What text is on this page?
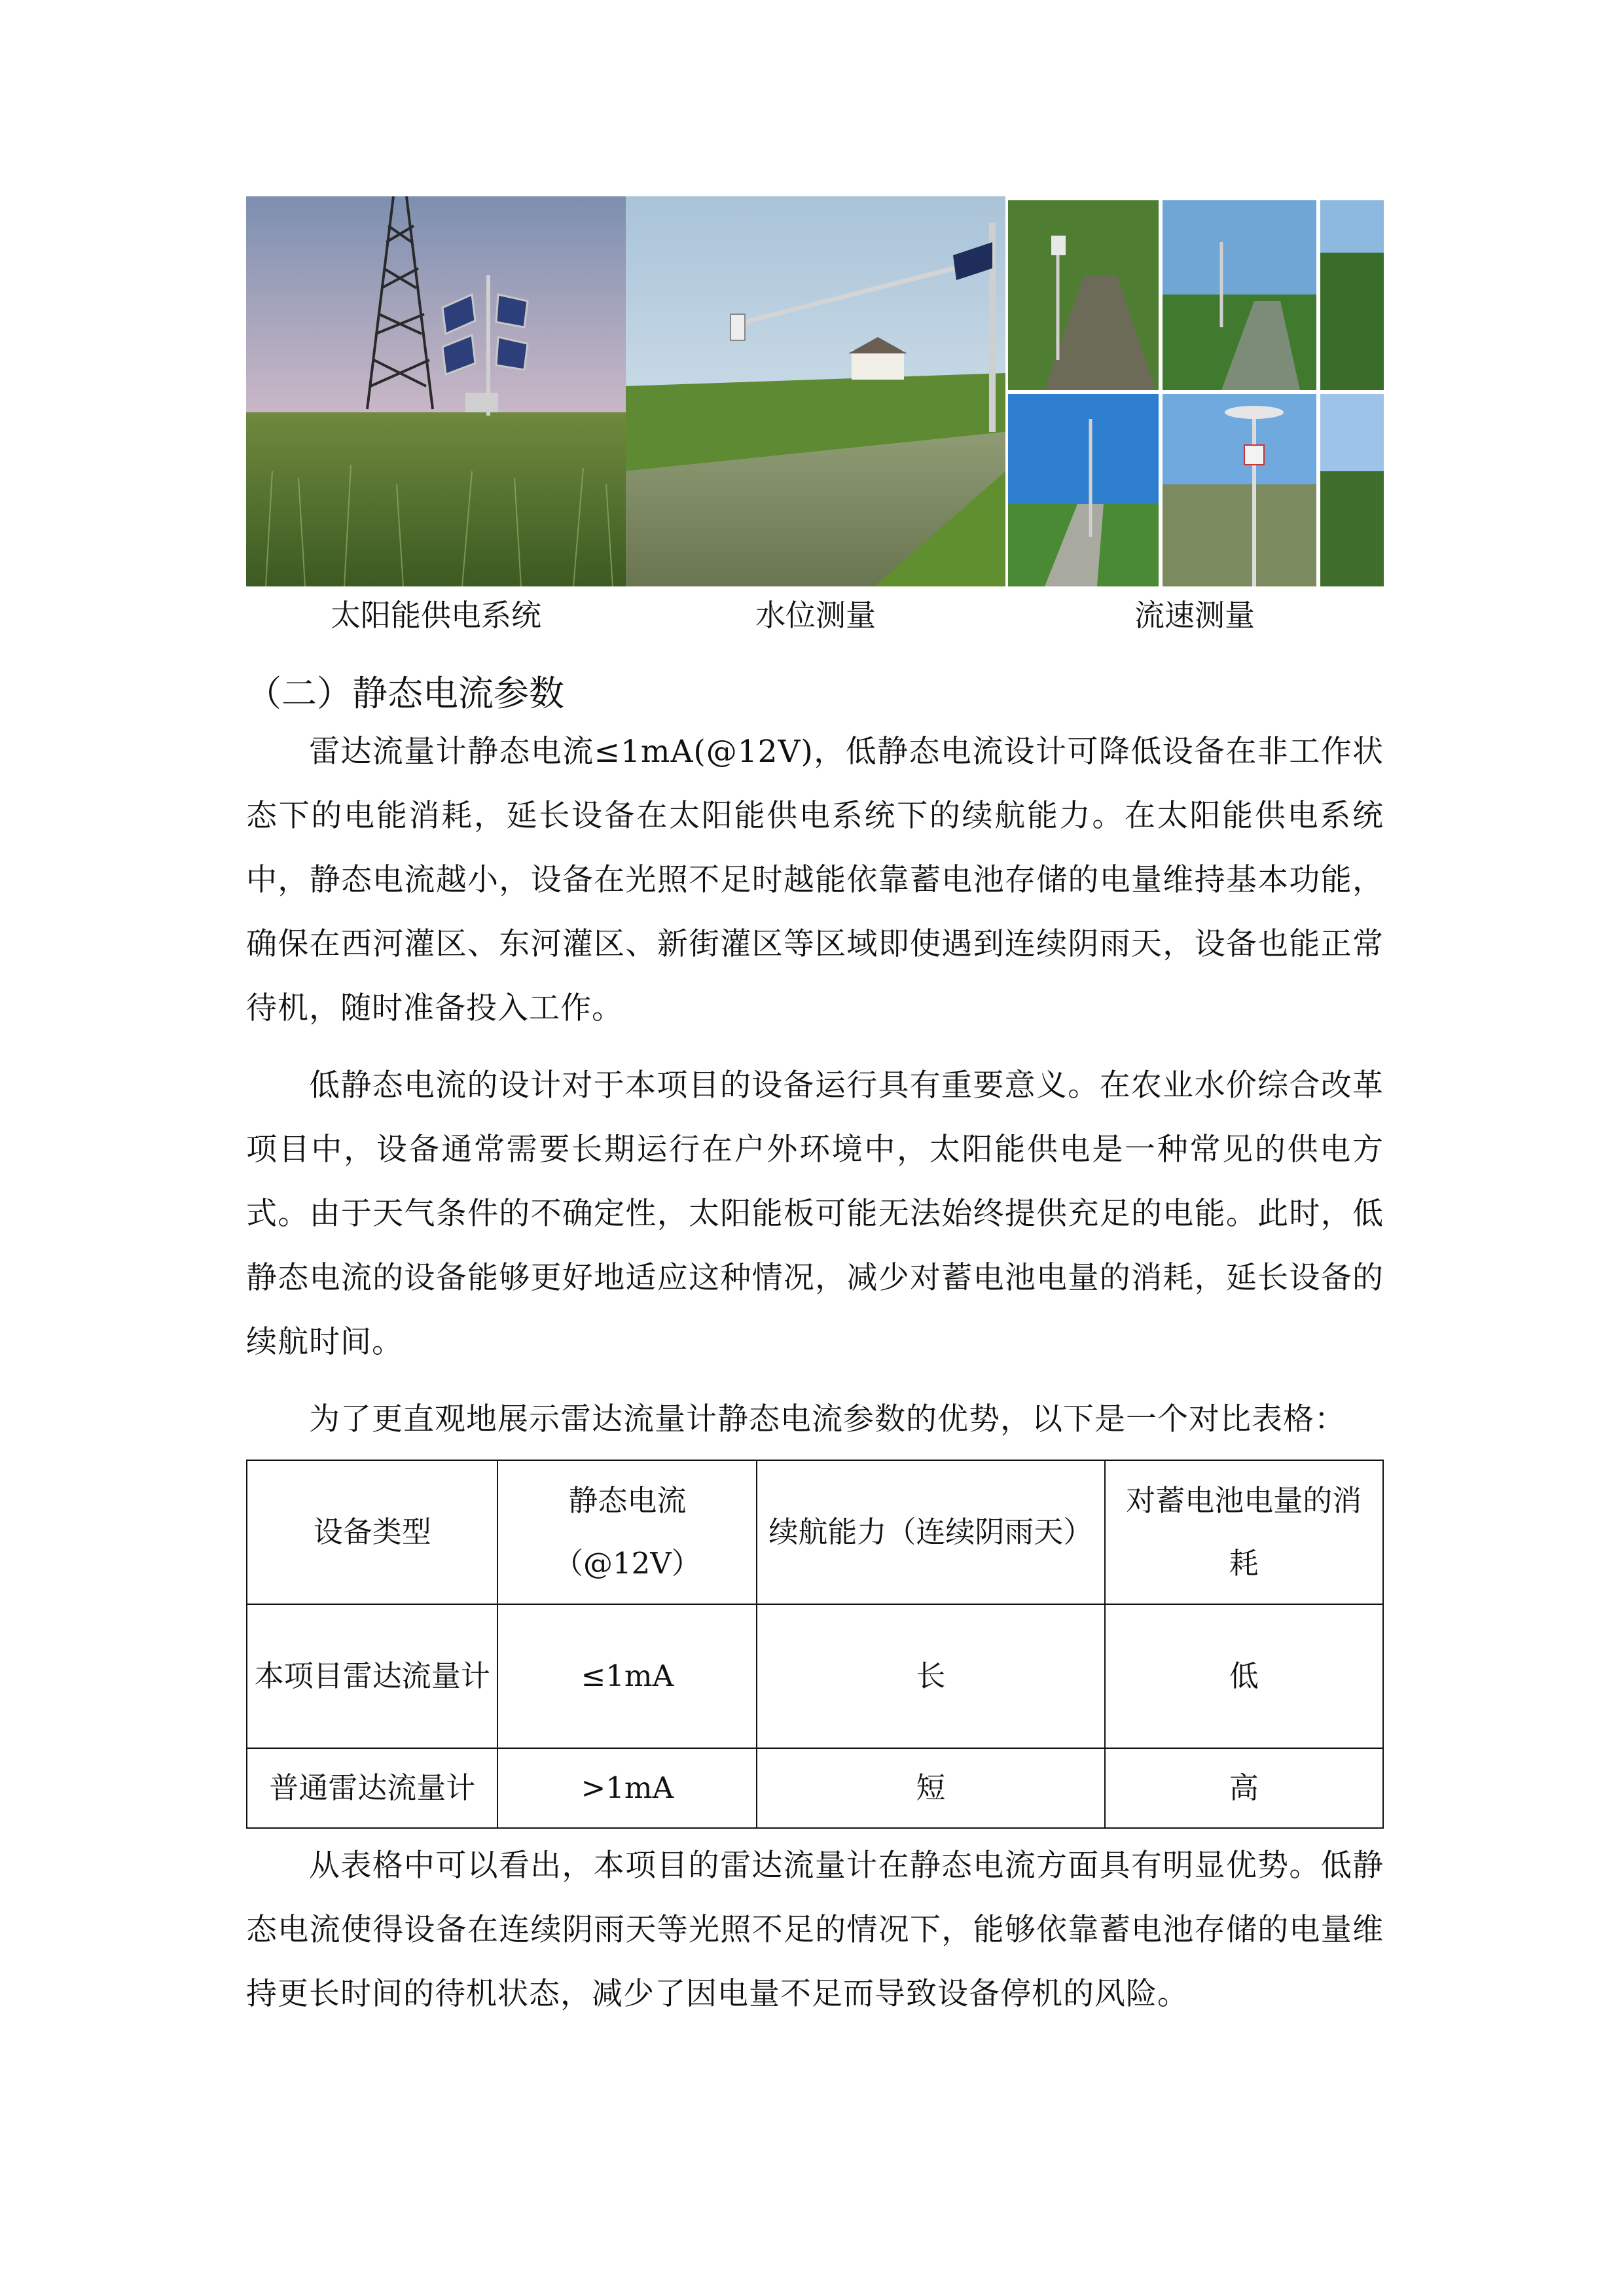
太阳能供电系统	水位测量	流速测量
（二）静态电流参数

雷达流量计静态电流≤1mA(@12V)，低静态电流设计可降低设备在非工作状态下的电能消耗，延长设备在太阳能供电系统下的续航能力。在太阳能供电系统中，静态电流越小，设备在光照不足时越能依靠蓄电池存储的电量维持基本功能，确保在西河灌区、东河灌区、新街灌区等区域即使遇到连续阴雨天，设备也能正常待机，随时准备投入工作。

低静态电流的设计对于本项目的设备运行具有重要意义。在农业水价综合改革项目中，设备通常需要长期运行在户外环境中，太阳能供电是一种常见的供电方式。由于天气条件的不确定性，太阳能板可能无法始终提供充足的电能。此时，低静态电流的设备能够更好地适应这种情况，减少对蓄电池电量的消耗，延长设备的续航时间。

为了更直观地展示雷达流量计静态电流参数的优势，以下是一个对比表格：

设备类型	静态电流（@12V）	续航能力（连续阴雨天）	对蓄电池电量的消耗
本项目雷达流量计	≤1mA	长	低
普通雷达流量计	>1mA	短	高

从表格中可以看出，本项目的雷达流量计在静态电流方面具有明显优势。低静态电流使得设备在连续阴雨天等光照不足的情况下，能够依靠蓄电池存储的电量维持更长时间的待机状态，减少了因电量不足而导致设备停机的风险。
